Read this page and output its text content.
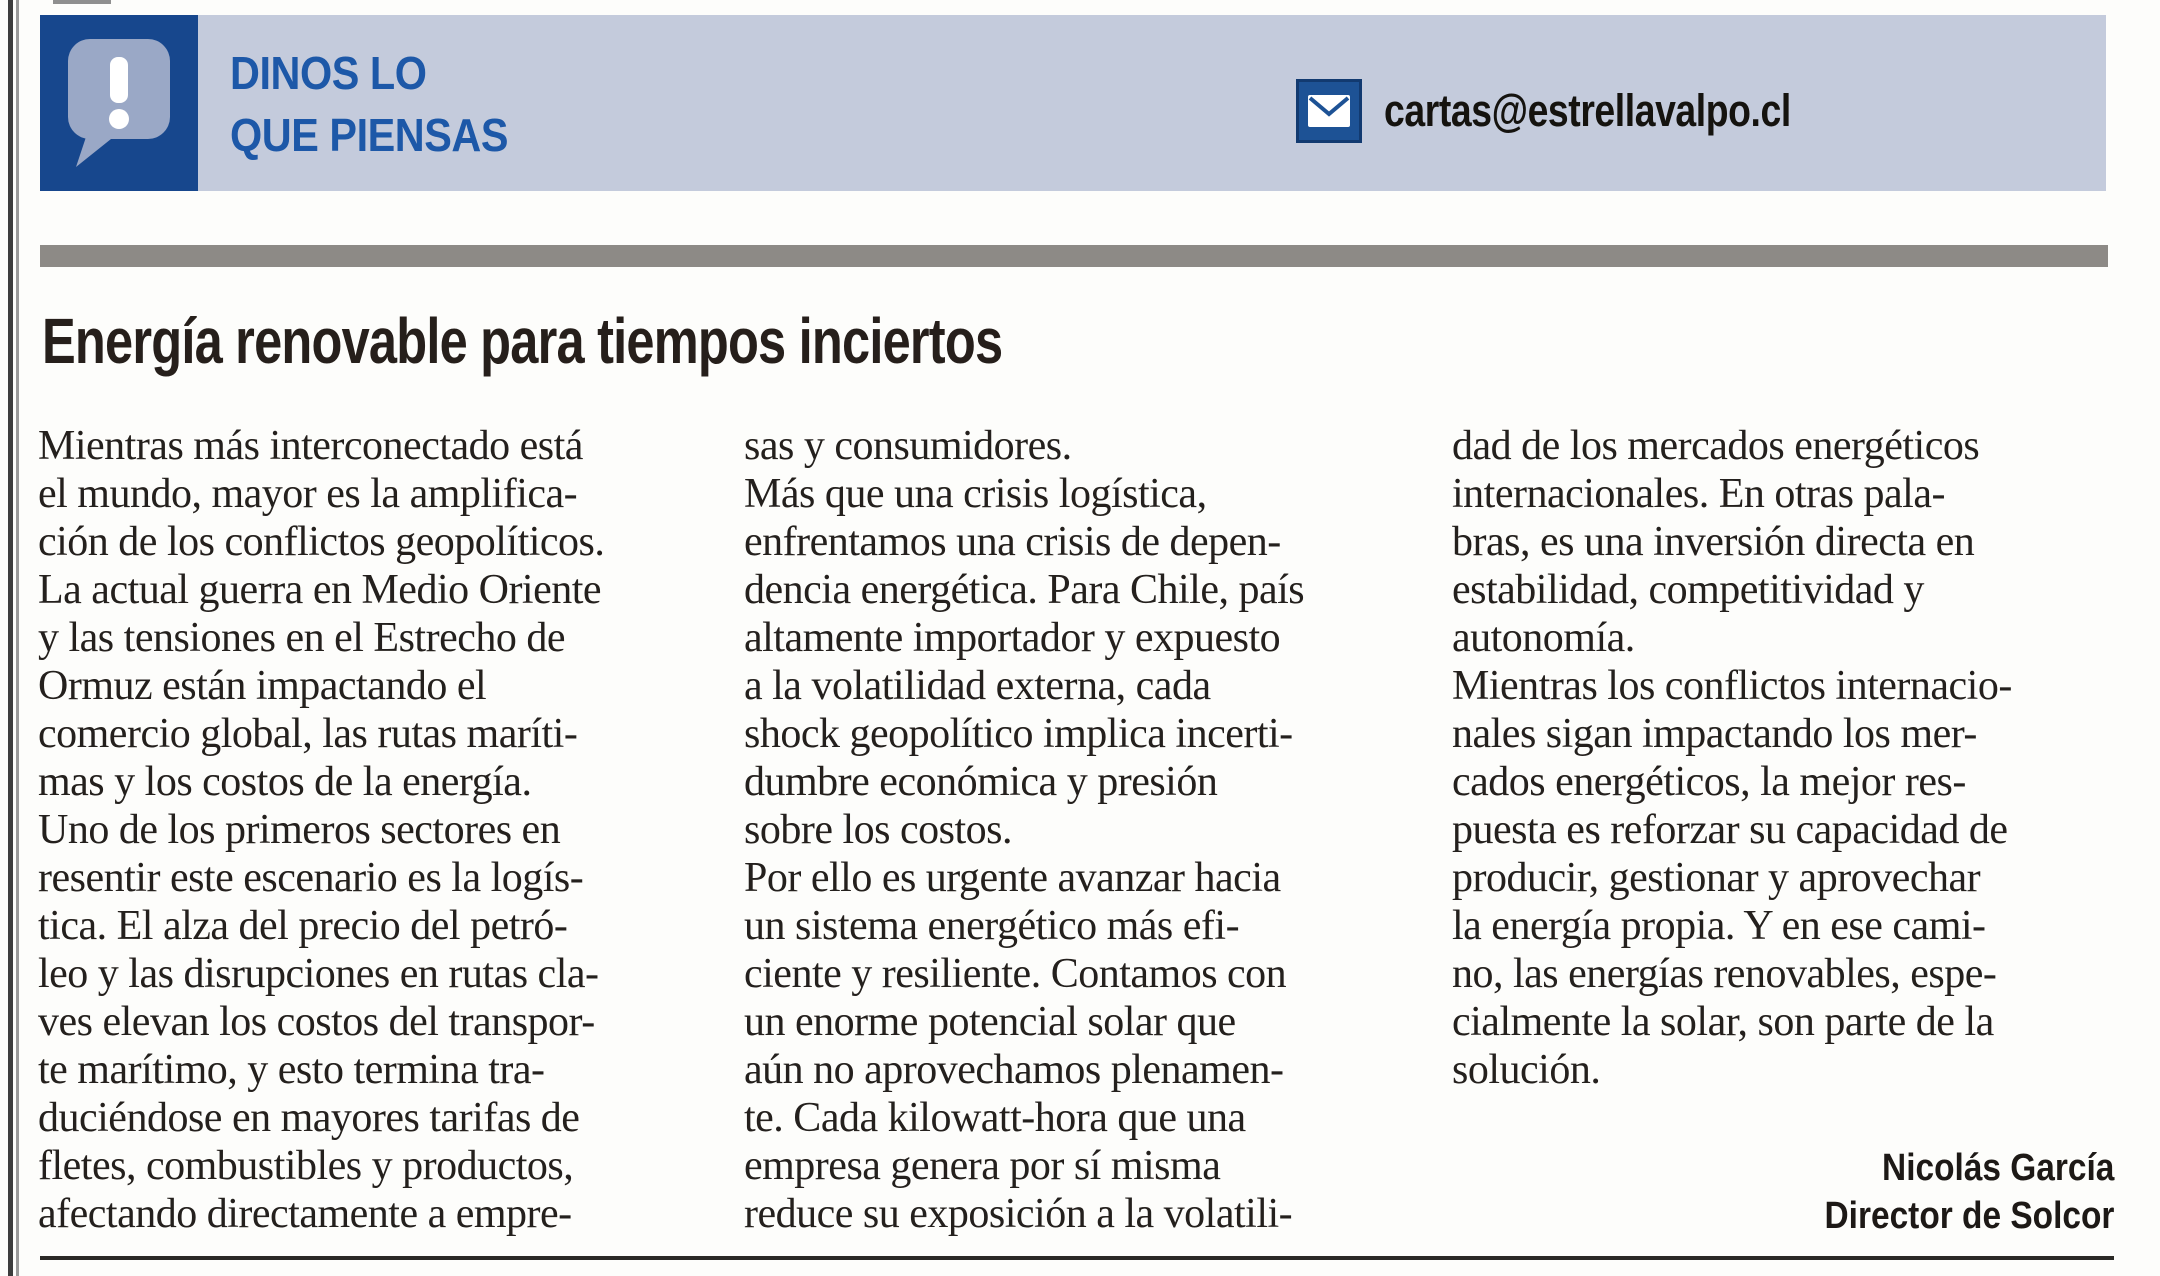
DINOS LO
QUE PIENSAS	cartas@estrellavalpo.cl
Energía renovable para tiempos inciertos
Mientras más interconectado está
el mundo, mayor es la amplifica-
ción de los conflictos geopolíticos.
La actual guerra en Medio Oriente
y las tensiones en el Estrecho de
Ormuz están impactando el
comercio global, las rutas maríti-
mas y los costos de la energía.
Uno de los primeros sectores en
resentir este escenario es la logís-
tica. El alza del precio del petró-
leo y las disrupciones en rutas cla-
ves elevan los costos del transpor-
te marítimo, y esto termina tra-
duciéndose en mayores tarifas de
fletes, combustibles y productos,
afectando directamente a empre-
sas y consumidores.
Más que una crisis logística,
enfrentamos una crisis de depen-
dencia energética. Para Chile, país
altamente importador y expuesto
a la volatilidad externa, cada
shock geopolítico implica incerti-
dumbre económica y presión
sobre los costos.
Por ello es urgente avanzar hacia
un sistema energético más efi-
ciente y resiliente. Contamos con
un enorme potencial solar que
aún no aprovechamos plenamen-
te. Cada kilowatt-hora que una
empresa genera por sí misma
reduce su exposición a la volatili-
dad de los mercados energéticos
internacionales. En otras pala-
bras, es una inversión directa en
estabilidad, competitividad y
autonomía.
Mientras los conflictos internacio-
nales sigan impactando los mer-
cados energéticos, la mejor res-
puesta es reforzar su capacidad de
producir, gestionar y aprovechar
la energía propia. Y en ese cami-
no, las energías renovables, espe-
cialmente la solar, son parte de la
solución.
Nicolás García
Director de Solcor
